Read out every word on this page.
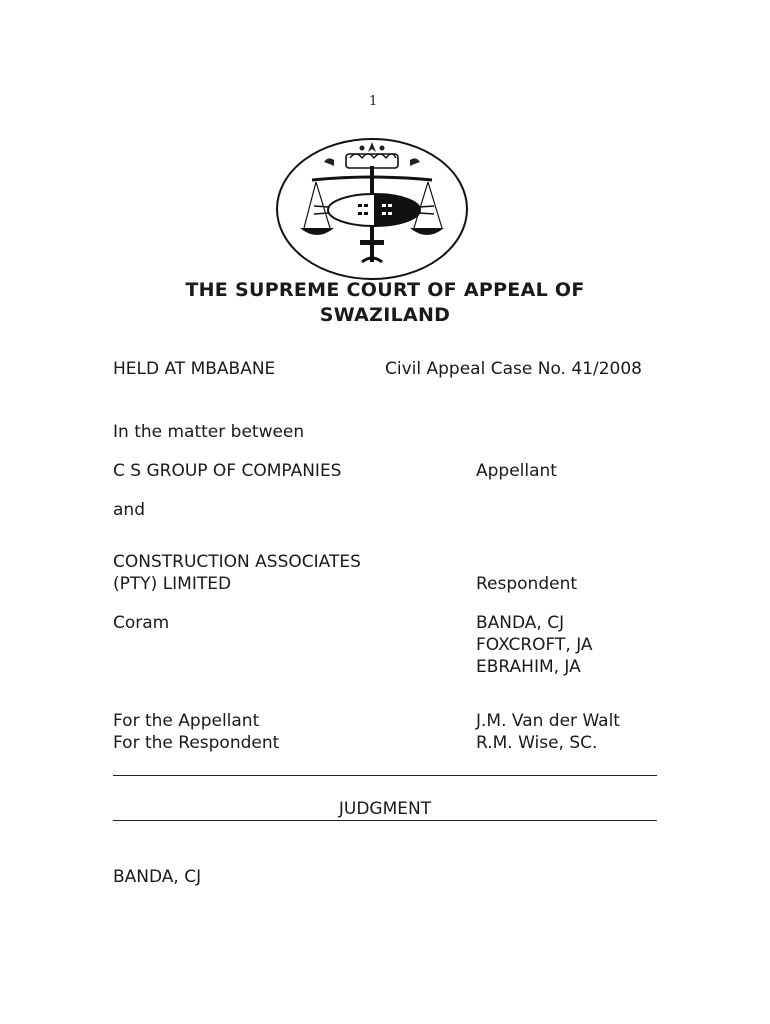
1
THE SUPREME COURT OF APPEAL OF
SWAZILAND
HELD AT MBABANE	Civil Appeal Case No. 41/2008
In the matter between
C S GROUP OF COMPANIES	Appellant
and
CONSTRUCTION ASSOCIATES
(PTY) LIMITED	Respondent
Coram	BANDA, CJ
FOXCROFT, JA
EBRAHIM, JA
For the Appellant	J.M. Van der Walt
For the Respondent	R.M. Wise, SC.
JUDGMENT
BANDA, CJ
